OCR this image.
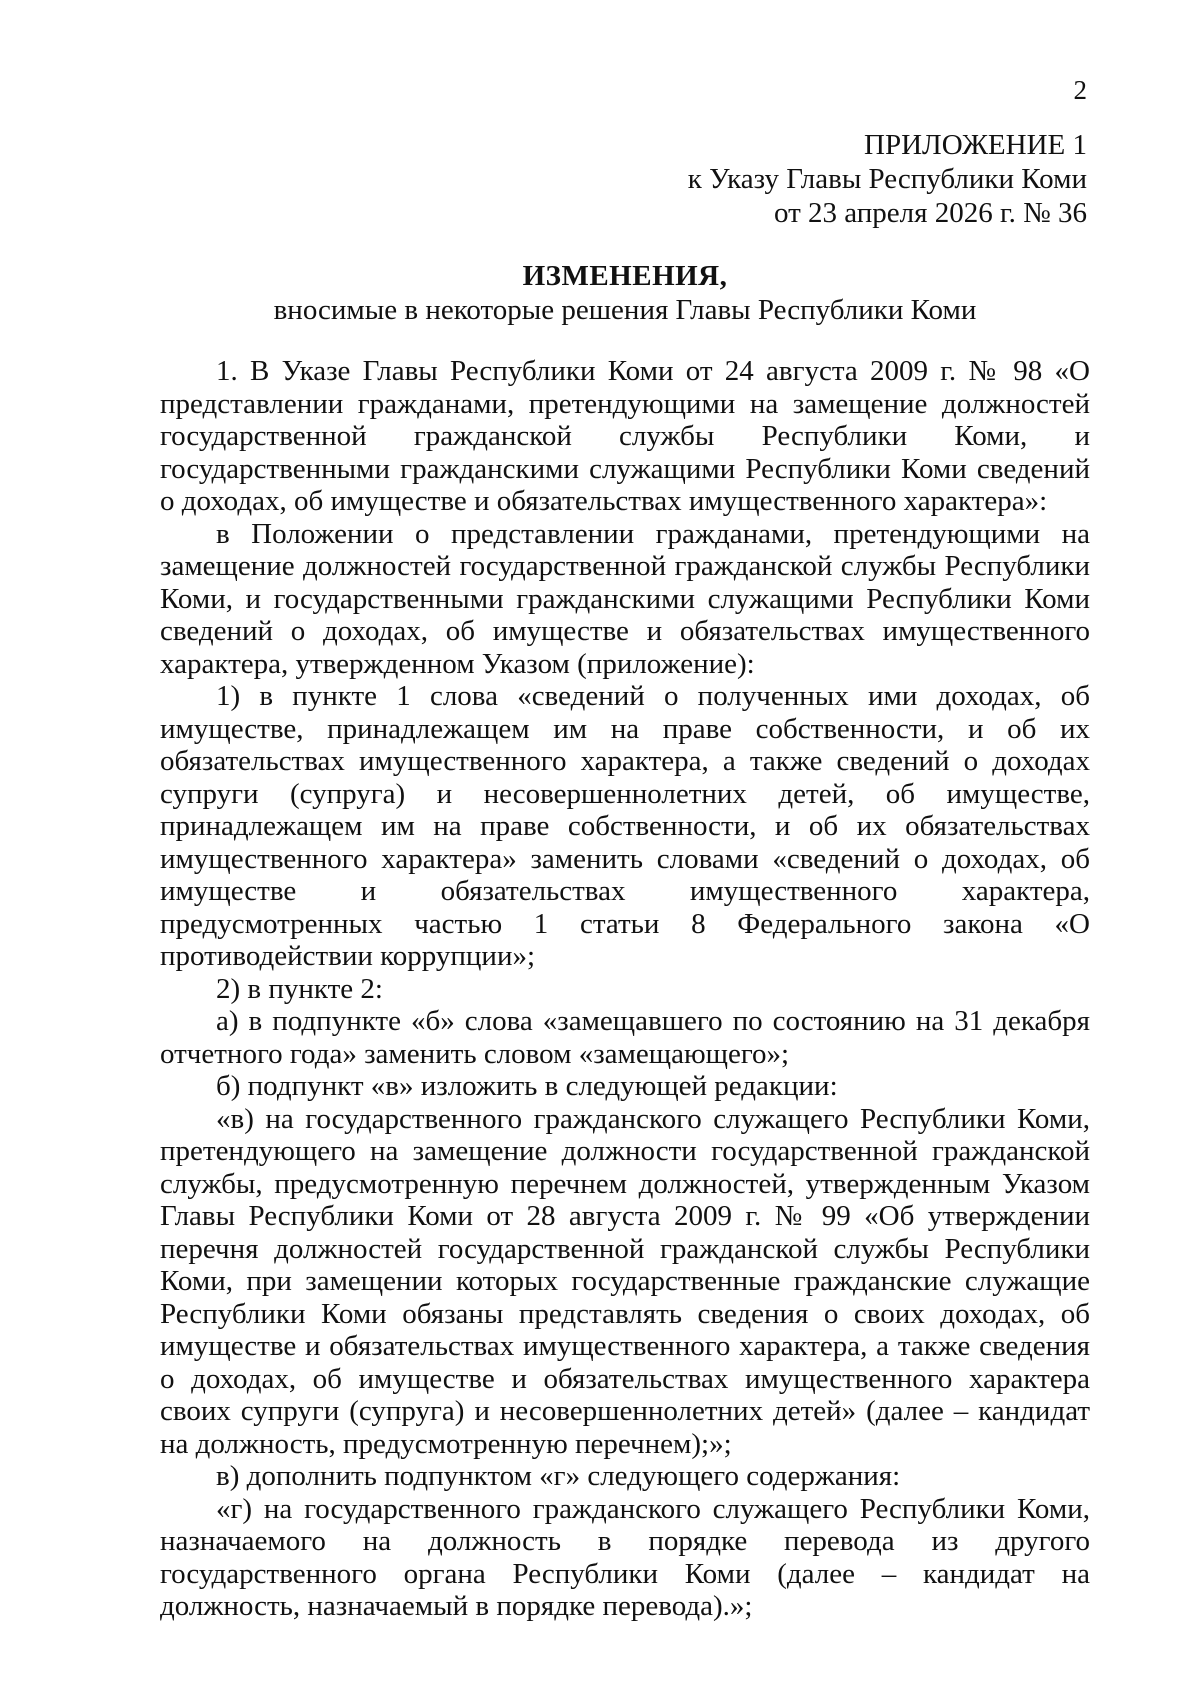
2
ПРИЛОЖЕНИЕ 1
к Указу Главы Республики Коми
от 23 апреля 2026 г. № 36
ИЗМЕНЕНИЯ,
вносимые в некоторые решения Главы Республики Коми

1. В Указе Главы Республики Коми от 24 августа 2009 г. № 98 «О представлении гражданами, претендующими на замещение должностей государственной гражданской службы Республики Коми, и государственными гражданскими служащими Республики Коми сведений о доходах, об имуществе и обязательствах имущественного характера»:

в Положении о представлении гражданами, претендующими на замещение должностей государственной гражданской службы Республики Коми, и государственными гражданскими служащими Республики Коми сведений о доходах, об имуществе и обязательствах имущественного характера, утвержденном Указом (приложение):

1) в пункте 1 слова «сведений о полученных ими доходах, об имуществе, принадлежащем им на праве собственности, и об их обязательствах имущественного характера, а также сведений о доходах супруги (супруга) и несовершеннолетних детей, об имуществе, принадлежащем им на праве собственности, и об их обязательствах имущественного характера» заменить словами «сведений о доходах, об имуществе и обязательствах имущественного характера, предусмотренных частью 1 статьи 8 Федерального закона «О противодействии коррупции»;

2) в пункте 2:

а) в подпункте «б» слова «замещавшего по состоянию на 31 декабря отчетного года» заменить словом «замещающего»;

б) подпункт «в» изложить в следующей редакции:

«в) на государственного гражданского служащего Республики Коми, претендующего на замещение должности государственной гражданской службы, предусмотренную перечнем должностей, утвержденным Указом Главы Республики Коми от 28 августа 2009 г. № 99 «Об утверждении перечня должностей государственной гражданской службы Республики Коми, при замещении которых государственные гражданские служащие Республики Коми обязаны представлять сведения о своих доходах, об имуществе и обязательствах имущественного характера, а также сведения о доходах, об имуществе и обязательствах имущественного характера своих супруги (супруга) и несовершеннолетних детей» (далее – кандидат на должность, предусмотренную перечнем);»;

в) дополнить подпунктом «г» следующего содержания:

«г) на государственного гражданского служащего Республики Коми, назначаемого на должность в порядке перевода из другого государственного органа Республики Коми (далее – кандидат на должность, назначаемый в порядке перевода).»;
